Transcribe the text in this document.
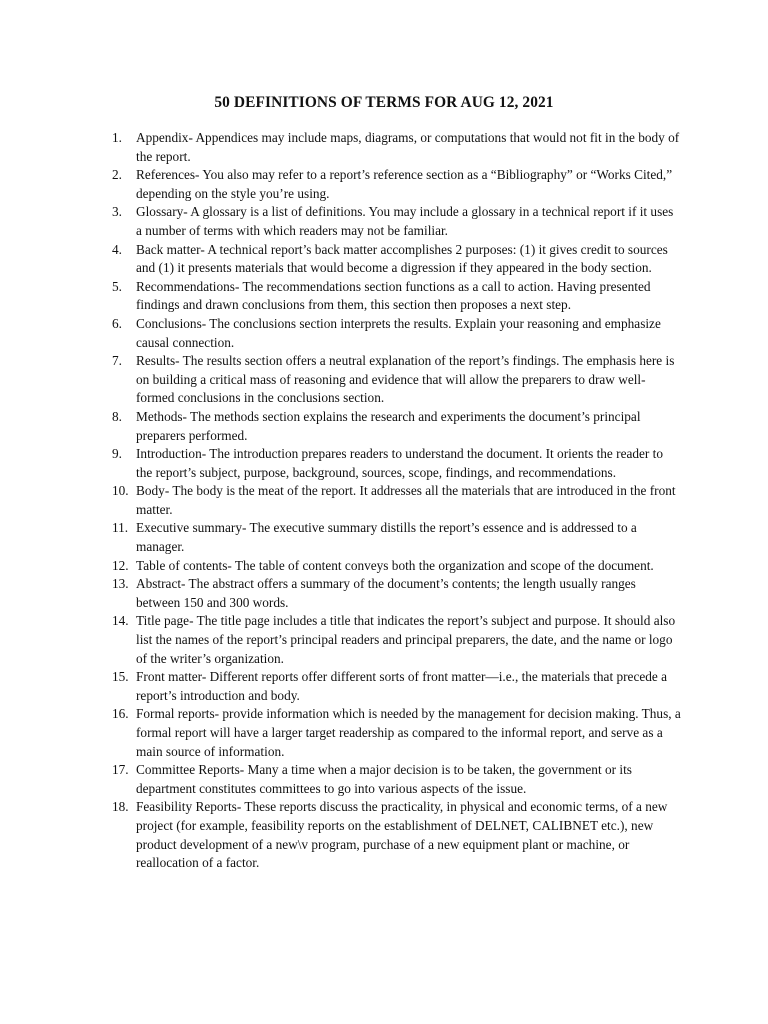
50 DEFINITIONS OF TERMS FOR AUG 12, 2021
1. Appendix- Appendices may include maps, diagrams, or computations that would not fit in the body of the report.
2. References- You also may refer to a report’s reference section as a “Bibliography” or “Works Cited,” depending on the style you’re using.
3. Glossary- A glossary is a list of definitions. You may include a glossary in a technical report if it uses a number of terms with which readers may not be familiar.
4. Back matter- A technical report’s back matter accomplishes 2 purposes: (1) it gives credit to sources and (1) it presents materials that would become a digression if they appeared in the body section.
5. Recommendations- The recommendations section functions as a call to action. Having presented findings and drawn conclusions from them, this section then proposes a next step.
6. Conclusions- The conclusions section interprets the results. Explain your reasoning and emphasize causal connection.
7. Results- The results section offers a neutral explanation of the report’s findings. The emphasis here is on building a critical mass of reasoning and evidence that will allow the preparers to draw well-formed conclusions in the conclusions section.
8. Methods- The methods section explains the research and experiments the document’s principal preparers performed.
9. Introduction- The introduction prepares readers to understand the document. It orients the reader to the report’s subject, purpose, background, sources, scope, findings, and recommendations.
10. Body- The body is the meat of the report. It addresses all the materials that are introduced in the front matter.
11. Executive summary- The executive summary distills the report’s essence and is addressed to a manager.
12. Table of contents- The table of content conveys both the organization and scope of the document.
13. Abstract- The abstract offers a summary of the document’s contents; the length usually ranges between 150 and 300 words.
14. Title page- The title page includes a title that indicates the report’s subject and purpose. It should also list the names of the report’s principal readers and principal preparers, the date, and the name or logo of the writer’s organization.
15. Front matter- Different reports offer different sorts of front matter—i.e., the materials that precede a report’s introduction and body.
16. Formal reports- provide information which is needed by the management for decision making. Thus, a formal report will have a larger target readership as compared to the informal report, and serve as a main source of information.
17. Committee Reports- Many a time when a major decision is to be taken, the government or its department constitutes committees to go into various aspects of the issue.
18. Feasibility Reports- These reports discuss the practicality, in physical and economic terms, of a new project (for example, feasibility reports on the establishment of DELNET, CALIBNET etc.), new product development of a new\v program, purchase of a new equipment plant or machine, or reallocation of a factor.
